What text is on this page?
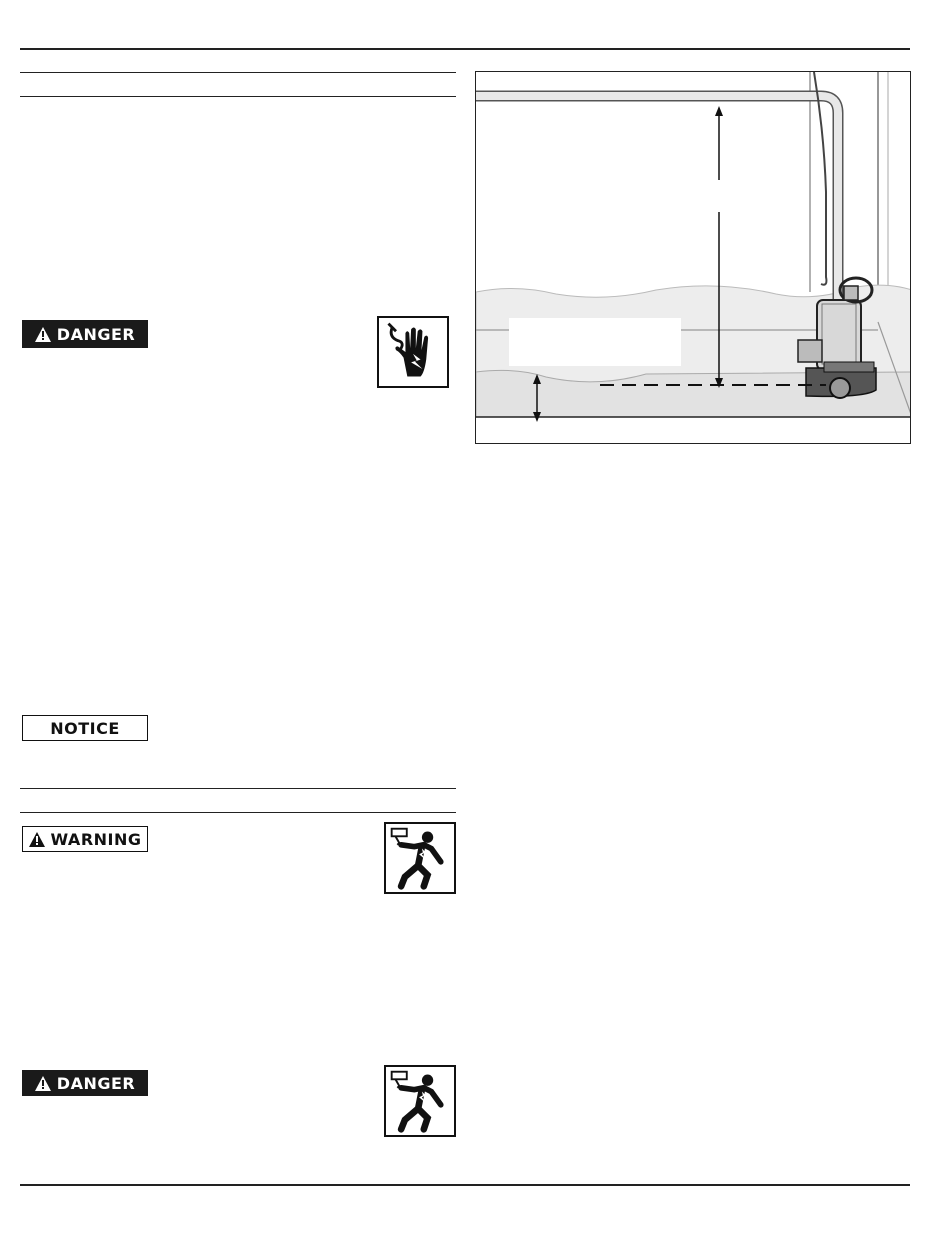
DANGER
NOTICE
WARNING
DANGER
